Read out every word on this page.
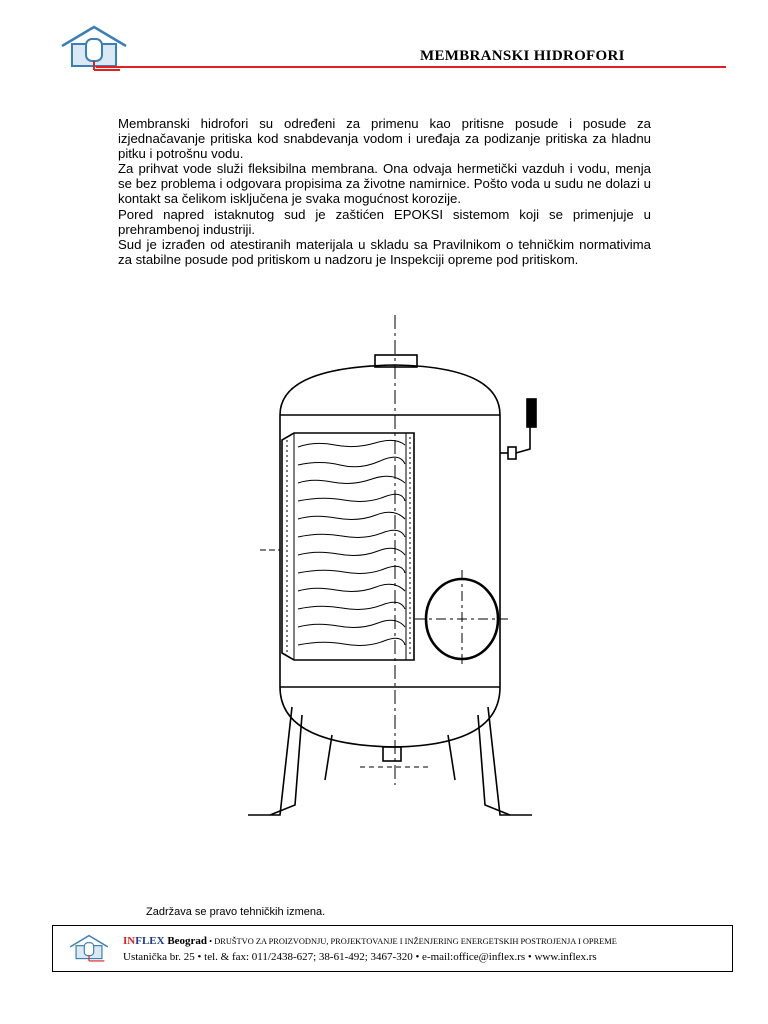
MEMBRANSKI HIDROFORI

Membranski hidrofori su određeni za primenu kao pritisne posude i posude za izjednačavanje pritiska kod snabdevanja vodom i uređaja za podizanje pritiska za hladnu pitku i potrošnu vodu.

Za prihvat vode služi fleksibilna membrana. Ona odvaja hermetički vazduh i vodu, menja se bez problema i odgovara propisima za životne namirnice. Pošto voda u sudu ne dolazi u kontakt sa čelikom isključena je svaka mogućnost korozije.

Pored napred istaknutog sud je zaštićen EPOKSI sistemom koji se primenjuje u prehrambenoj industriji.

Sud je izrađen od atestiranih materijala u skladu sa Pravilnikom o tehničkim normativima za stabilne posude pod pritiskom u nadzoru je Inspekciji opreme pod pritiskom.

Zadržava se pravo tehničkih izmena.
INFLEX Beograd • DRUŠTVO ZA PROIZVODNJU, PROJEKTOVANJE I INŽENJERING ENERGETSKIH POSTROJENJA I OPREME
Ustanička br. 25 • tel. & fax: 011/2438-627; 38-61-492; 3467-320 • e-mail:office@inflex.rs • www.inflex.rs
